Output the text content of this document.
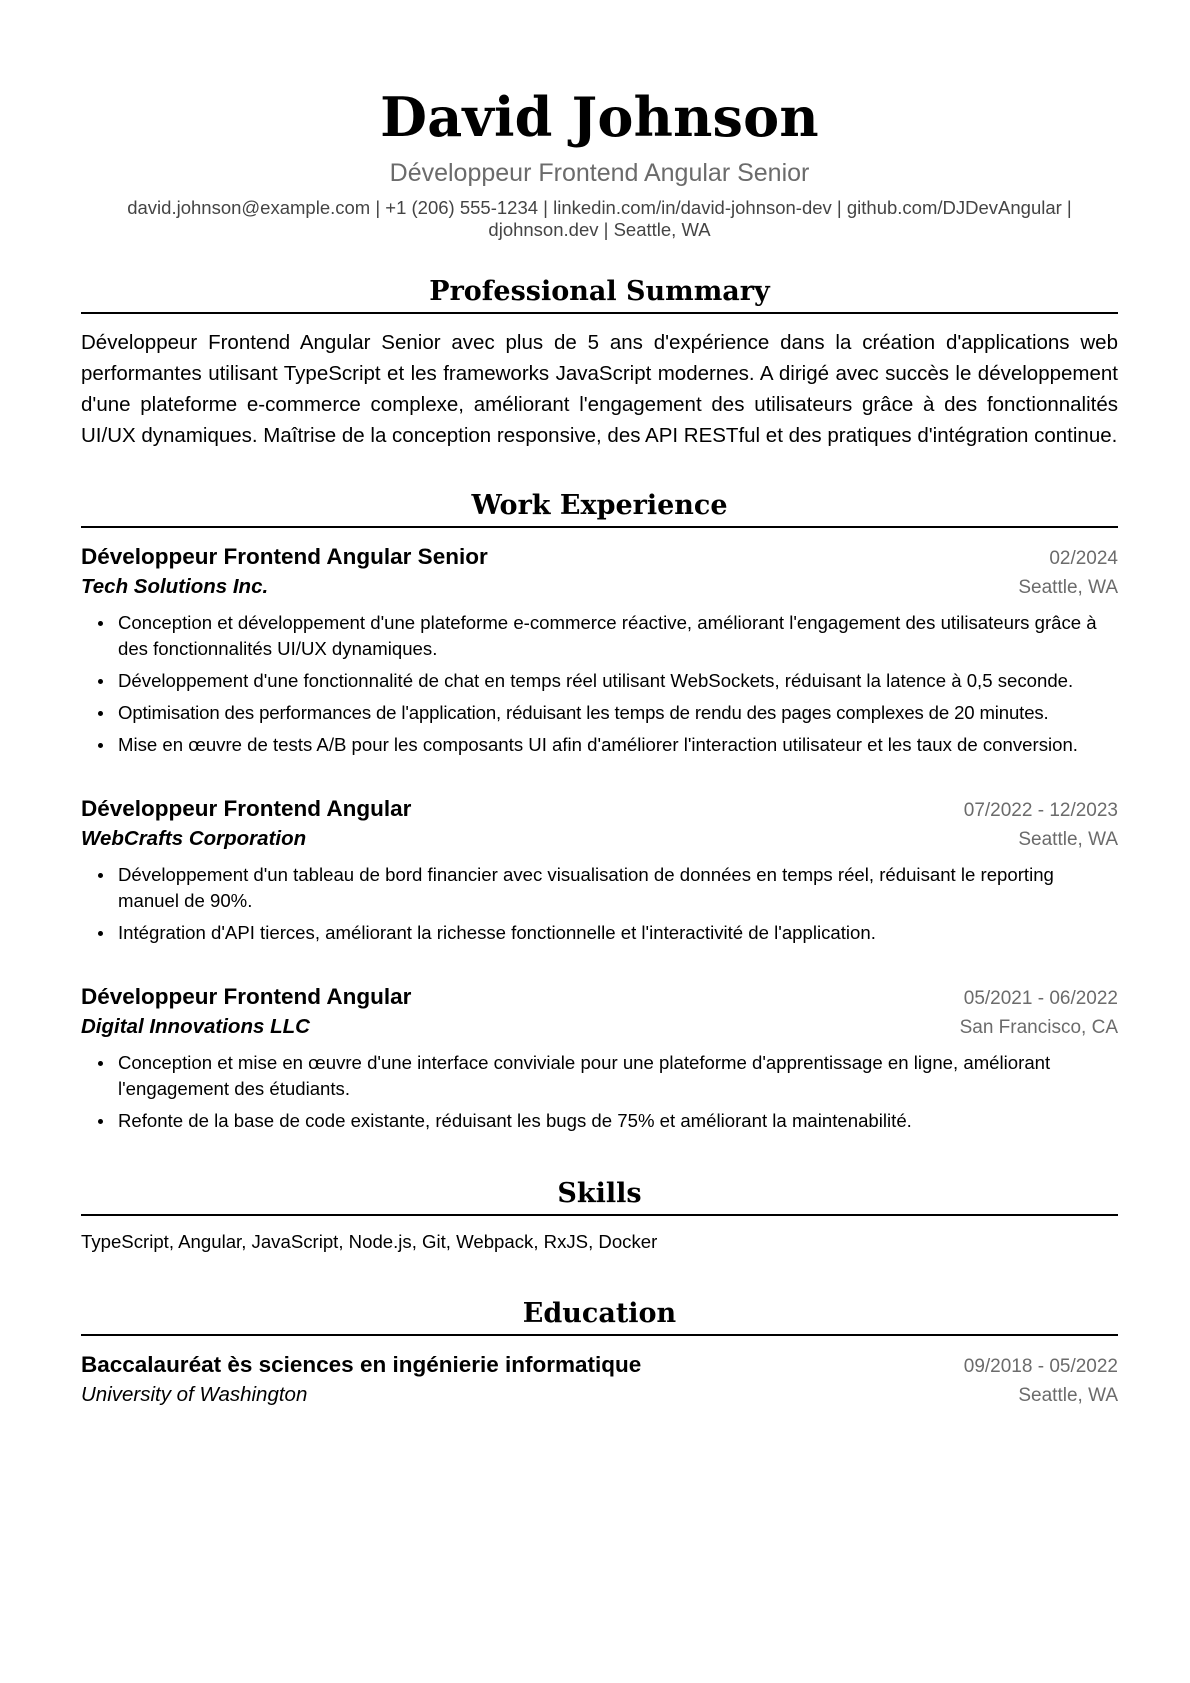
David Johnson
Développeur Frontend Angular Senior
david.johnson@example.com | +1 (206) 555-1234 | linkedin.com/in/david-johnson-dev | github.com/DJDevAngular | djohnson.dev | Seattle, WA
Professional Summary

Développeur Frontend Angular Senior avec plus de 5 ans d'expérience dans la création d'applications web performantes utilisant TypeScript et les frameworks JavaScript modernes. A dirigé avec succès le développement d'une plateforme e-commerce complexe, améliorant l'engagement des utilisateurs grâce à des fonctionnalités UI/UX dynamiques. Maîtrise de la conception responsive, des API RESTful et des pratiques d'intégration continue.

Work Experience
Développeur Frontend Angular Senior	02/2024
Tech Solutions Inc.	Seattle, WA
Conception et développement d'une plateforme e-commerce réactive, améliorant l'engagement des utilisateurs grâce à des fonctionnalités UI/UX dynamiques.
Développement d'une fonctionnalité de chat en temps réel utilisant WebSockets, réduisant la latence à 0,5 seconde.
Optimisation des performances de l'application, réduisant les temps de rendu des pages complexes de 20 minutes.
Mise en œuvre de tests A/B pour les composants UI afin d'améliorer l'interaction utilisateur et les taux de conversion.
Développeur Frontend Angular	07/2022 - 12/2023
WebCrafts Corporation	Seattle, WA
Développement d'un tableau de bord financier avec visualisation de données en temps réel, réduisant le reporting manuel de 90%.
Intégration d'API tierces, améliorant la richesse fonctionnelle et l'interactivité de l'application.
Développeur Frontend Angular	05/2021 - 06/2022
Digital Innovations LLC	San Francisco, CA
Conception et mise en œuvre d'une interface conviviale pour une plateforme d'apprentissage en ligne, améliorant l'engagement des étudiants.
Refonte de la base de code existante, réduisant les bugs de 75% et améliorant la maintenabilité.
Skills
TypeScript, Angular, JavaScript, Node.js, Git, Webpack, RxJS, Docker
Education
Baccalauréat ès sciences en ingénierie informatique	09/2018 - 05/2022
University of Washington	Seattle, WA
